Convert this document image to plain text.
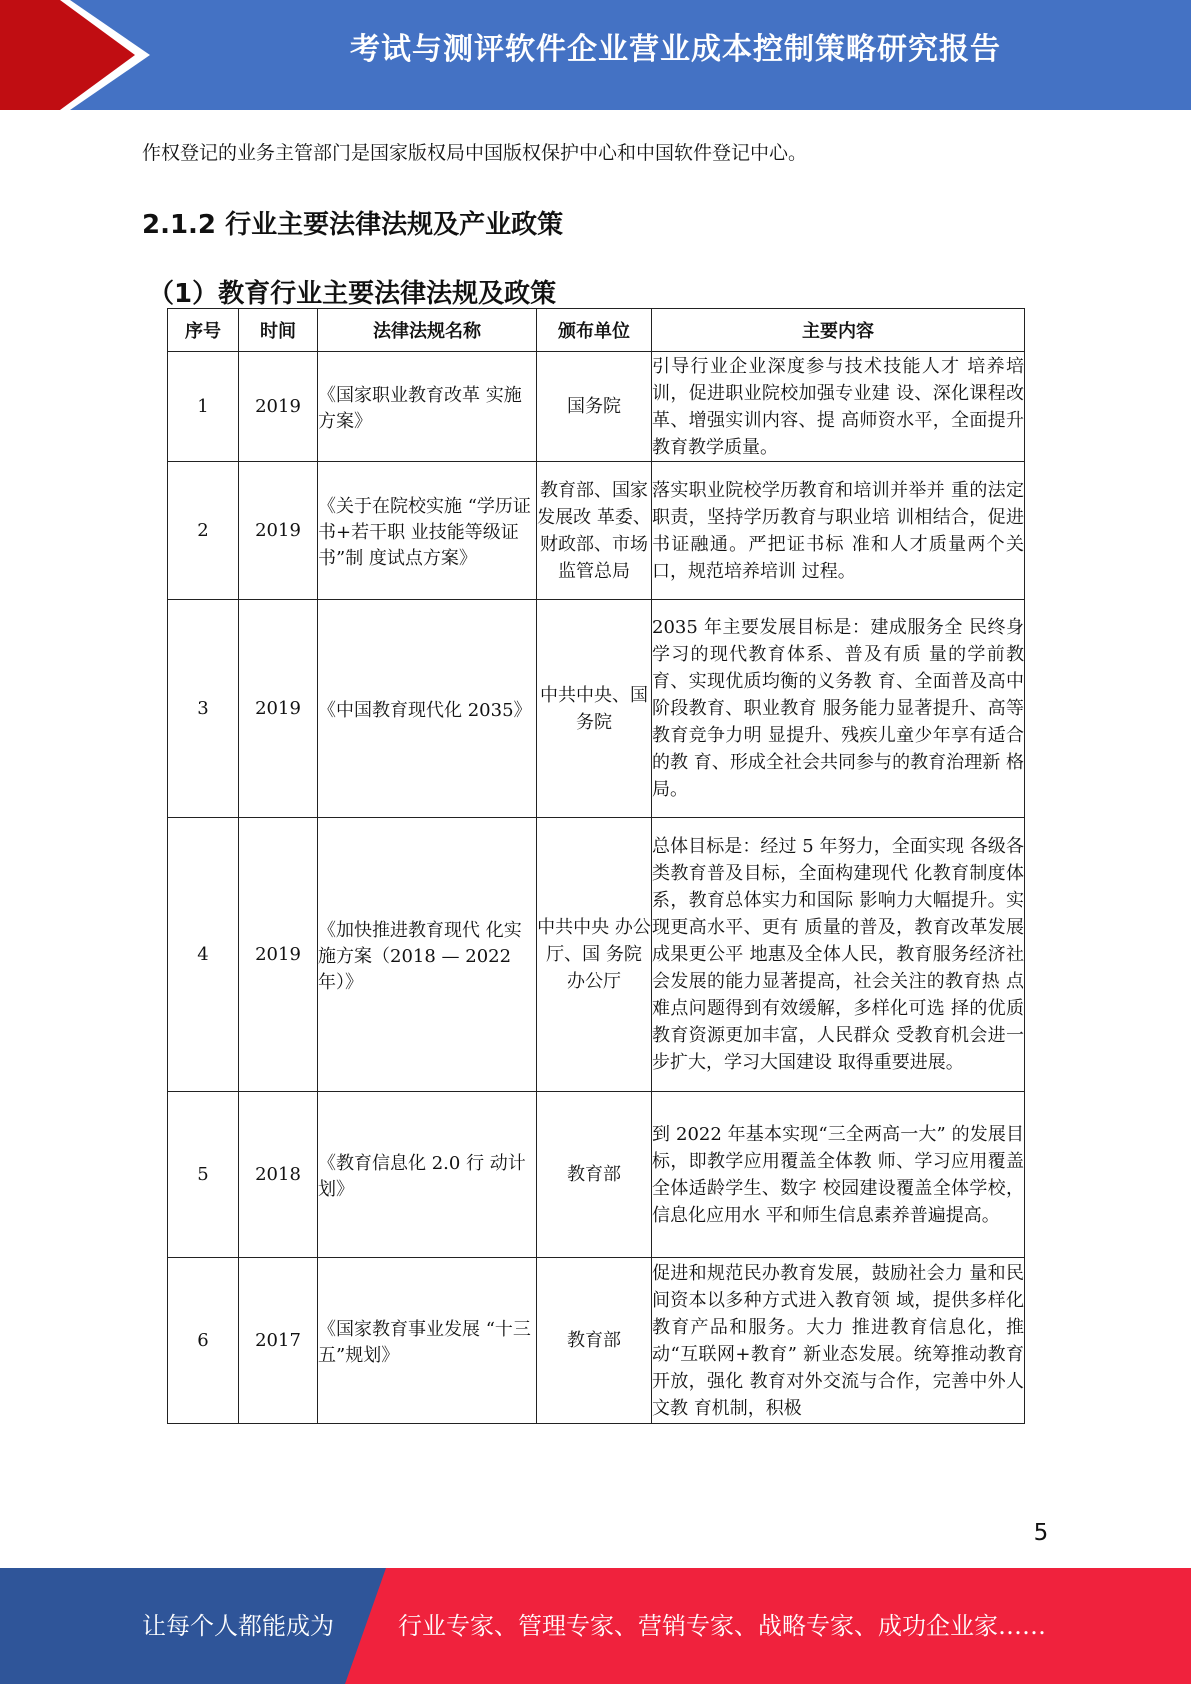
考试与测评软件企业营业成本控制策略研究报告
作权登记的业务主管部门是国家版权局中国版权保护中心和中国软件登记中心。
2.1.2 行业主要法律法规及产业政策
（1）教育行业主要法律法规及政策
序号	时间	法律法规名称	颁布单位	主要内容
1	2019	《国家职业教育改革 实施方案》	国务院	引导行业企业深度参与技术技能人才 培养培训，促进职业院校加强专业建 设、深化课程改革、增强实训内容、提 高师资水平，全面提升教育教学质量。
2	2019	《关于在院校实施 “学历证书+若干职 业技能等级证书”制 度试点方案》	教育部、国家发展改 革委、财政部、市场监管总局	落实职业院校学历教育和培训并举并 重的法定职责，坚持学历教育与职业培 训相结合，促进书证融通。严把证书标 准和人才质量两个关口，规范培养培训 过程。
3	2019	《中国教育现代化 2035》	中共中央、国务院	2035 年主要发展目标是：建成服务全 民终身学习的现代教育体系、普及有质 量的学前教育、实现优质均衡的义务教 育、全面普及高中阶段教育、职业教育 服务能力显著提升、高等教育竞争力明 显提升、残疾儿童少年享有适合的教 育、形成全社会共同参与的教育治理新 格局。
4	2019	《加快推进教育现代 化实施方案（2018 — 2022 年）》	中共中央 办公厅、国 务院 办公厅	总体目标是：经过 5 年努力，全面实现 各级各类教育普及目标，全面构建现代 化教育制度体系，教育总体实力和国际 影响力大幅提升。实现更高水平、更有 质量的普及，教育改革发展成果更公平 地惠及全体人民，教育服务经济社会发展的能力显著提高，社会关注的教育热 点难点问题得到有效缓解，多样化可选 择的优质教育资源更加丰富，人民群众 受教育机会进一步扩大，学习大国建设 取得重要进展。
5	2018	《教育信息化 2.0 行 动计划》	教育部	到 2022 年基本实现“三全两高一大” 的发展目标，即教学应用覆盖全体教 师、学习应用覆盖全体适龄学生、数字 校园建设覆盖全体学校，信息化应用水 平和师生信息素养普遍提高。
6	2017	《国家教育事业发展 “十三五”规划》	教育部	促进和规范民办教育发展，鼓励社会力 量和民间资本以多种方式进入教育领 域，提供多样化教育产品和服务。大力 推进教育信息化，推动“互联网+教育” 新业态发展。统筹推动教育开放，强化 教育对外交流与合作，完善中外人文教 育机制，积极
5
让每个人都能成为	行业专家、管理专家、营销专家、战略专家、成功企业家……
